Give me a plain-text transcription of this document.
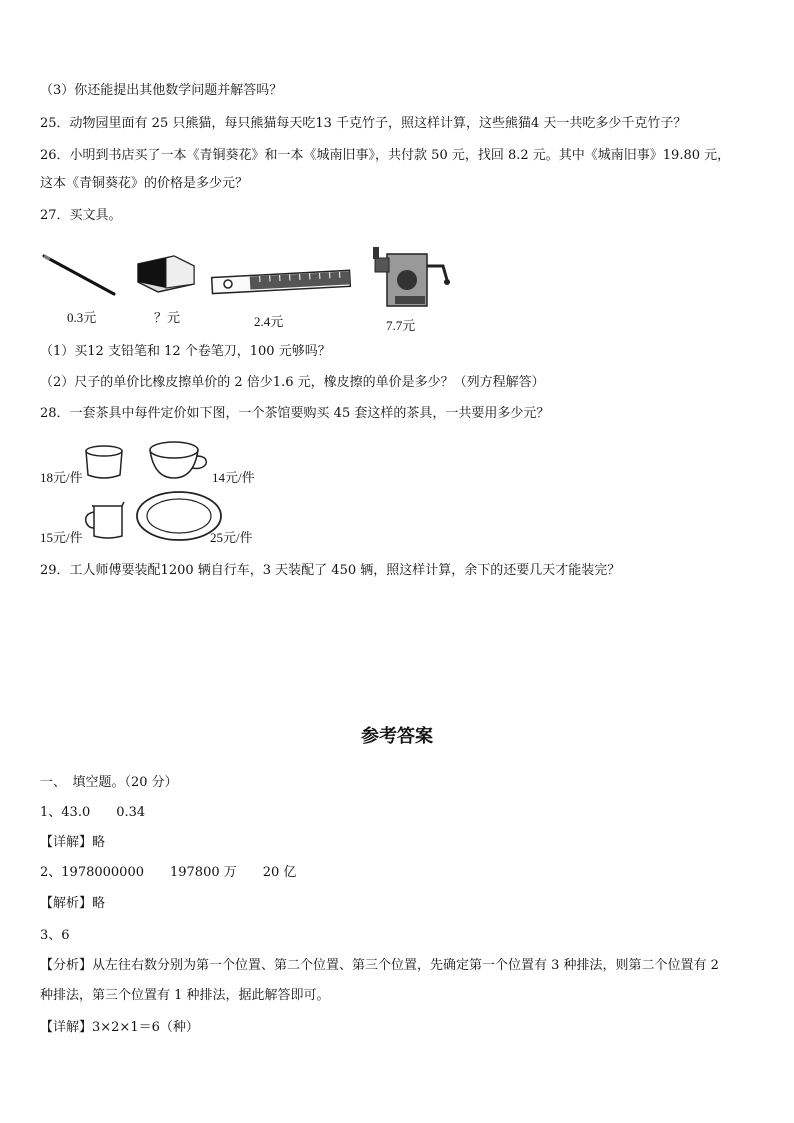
（3）你还能提出其他数学问题并解答吗？
25．动物园里面有 25 只熊猫，每只熊猫每天吃13 千克竹子，照这样计算，这些熊猫4 天一共吃多少千克竹子？
26．小明到书店买了一本《青铜葵花》和一本《城南旧事》，共付款 50 元，找回 8.2 元。其中《城南旧事》19.80 元，
这本《青铜葵花》的价格是多少元？
27．买文具。
0.3元	？元	2.4元	7.7元
（1）买12 支铅笔和 12 个卷笔刀，100 元够吗？
（2）尺子的单价比橡皮擦单价的 2 倍少1.6 元，橡皮擦的单价是多少？（列方程解答）
28．一套茶具中每件定价如下图，一个茶馆要购买 45 套这样的茶具，一共要用多少元？
18元/件	14元/件
15元/件	25元/件
29．工人师傅要装配1200 辆自行车，3 天装配了 450 辆，照这样计算，余下的还要几天才能装完？
参考答案
一、　填空题。（20 分）
1、43.0　　0.34
【详解】略
2、1978000000　　197800 万　　20 亿
【解析】略
3、6
【分析】从左往右数分别为第一个位置、第二个位置、第三个位置，先确定第一个位置有 3 种排法，则第二个位置有 2
种排法，第三个位置有 1 种排法，据此解答即可。
【详解】3×2×1＝6（种）
